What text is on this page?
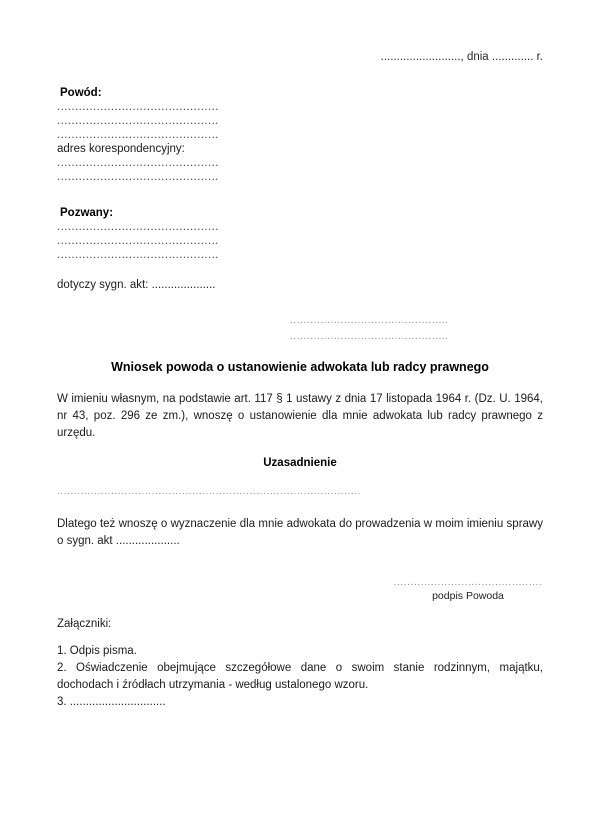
........................., dnia ............. r.
Powód:
.............................................
.............................................
.............................................
adres korespondencyjny:
.............................................
.............................................
Pozwany:
.............................................
.............................................
.............................................
dotyczy sygn. akt: ....................
...............................................
...............................................
Wniosek powoda o ustanowienie adwokata lub radcy prawnego
W imieniu własnym, na podstawie art. 117 § 1 ustawy z dnia 17 listopada 1964 r. (Dz. U. 1964, nr 43, poz. 296 ze zm.), wnoszę o ustanowienie dla mnie adwokata lub radcy prawnego z urzędu.
Uzasadnienie
..........................................................................................
Dlatego też wnoszę o wyznaczenie dla mnie adwokata do prowadzenia w moim imieniu sprawy o sygn. akt ....................
............................................
podpis Powoda
Załączniki:
1. Odpis pisma.
2. Oświadczenie obejmujące szczegółowe dane o swoim stanie rodzinnym, majątku, dochodach i źródłach utrzymania - według ustalonego wzoru.
3. ..............................
